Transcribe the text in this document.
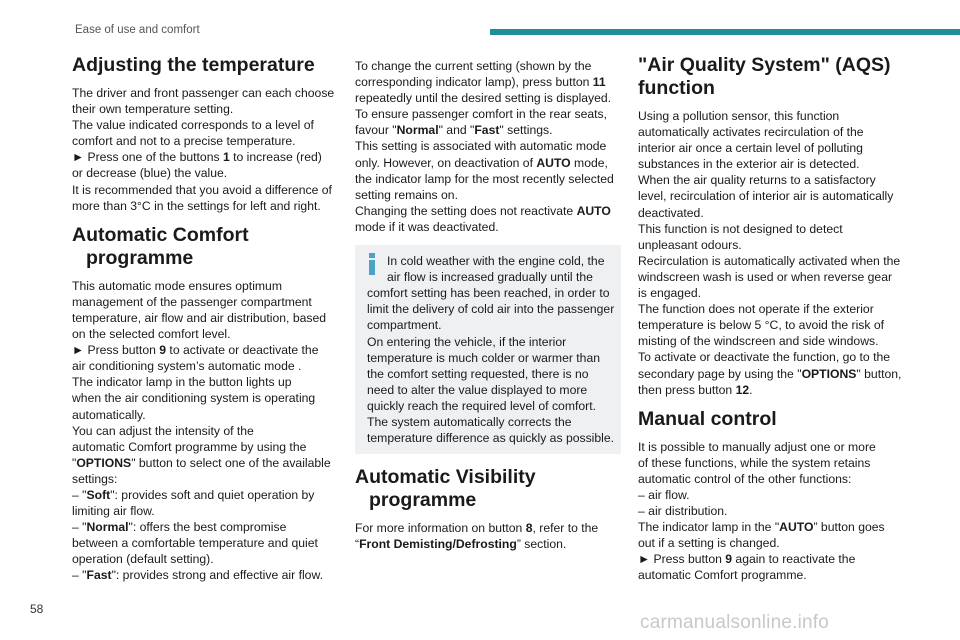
Ease of use and comfort
Adjusting the temperature
The driver and front passenger can each choose
their own temperature setting.
The value indicated corresponds to a level of
comfort and not to a precise temperature.
► Press one of the buttons 1 to increase (red)
or decrease (blue) the value.
It is recommended that you avoid a difference of
more than 3°C in the settings for left and right.
Automatic Comfort
programme
This automatic mode ensures optimum
management of the passenger compartment
temperature, air flow and air distribution, based
on the selected comfort level.
► Press button 9 to activate or deactivate the
air conditioning system’s automatic mode .
The indicator lamp in the button lights up
when the air conditioning system is operating
automatically.
You can adjust the intensity of the
automatic Comfort programme by using the
"OPTIONS" button to select one of the available
settings:
– "Soft": provides soft and quiet operation by
limiting air flow.
– "Normal": offers the best compromise
between a comfortable temperature and quiet
operation (default setting).
– "Fast": provides strong and effective air flow.
To change the current setting (shown by the
corresponding indicator lamp), press button 11
repeatedly until the desired setting is displayed.
To ensure passenger comfort in the rear seats,
favour "Normal" and "Fast" settings.
This setting is associated with automatic mode
only. However, on deactivation of AUTO mode,
the indicator lamp for the most recently selected
setting remains on.
Changing the setting does not reactivate AUTO
mode if it was deactivated.
In cold weather with the engine cold, the
air flow is increased gradually until the
comfort setting has been reached, in order to
limit the delivery of cold air into the passenger
compartment.
On entering the vehicle, if the interior
temperature is much colder or warmer than
the comfort setting requested, there is no
need to alter the value displayed to more
quickly reach the required level of comfort.
The system automatically corrects the
temperature difference as quickly as possible.
Automatic Visibility
programme
For more information on button 8, refer to the
“Front Demisting/Defrosting” section.
"Air Quality System" (AQS)
function
Using a pollution sensor, this function
automatically activates recirculation of the
interior air once a certain level of polluting
substances in the exterior air is detected.
When the air quality returns to a satisfactory
level, recirculation of interior air is automatically
deactivated.
This function is not designed to detect
unpleasant odours.
Recirculation is automatically activated when the
windscreen wash is used or when reverse gear
is engaged.
The function does not operate if the exterior
temperature is below 5 °C, to avoid the risk of
misting of the windscreen and side windows.
To activate or deactivate the function, go to the
secondary page by using the "OPTIONS" button,
then press button 12.
Manual control
It is possible to manually adjust one or more
of these functions, while the system retains
automatic control of the other functions:
– air flow.
– air distribution.
The indicator lamp in the "AUTO” button goes
out if a setting is changed.
► Press button 9 again to reactivate the
automatic Comfort programme.
58
carmanualsonline.info
